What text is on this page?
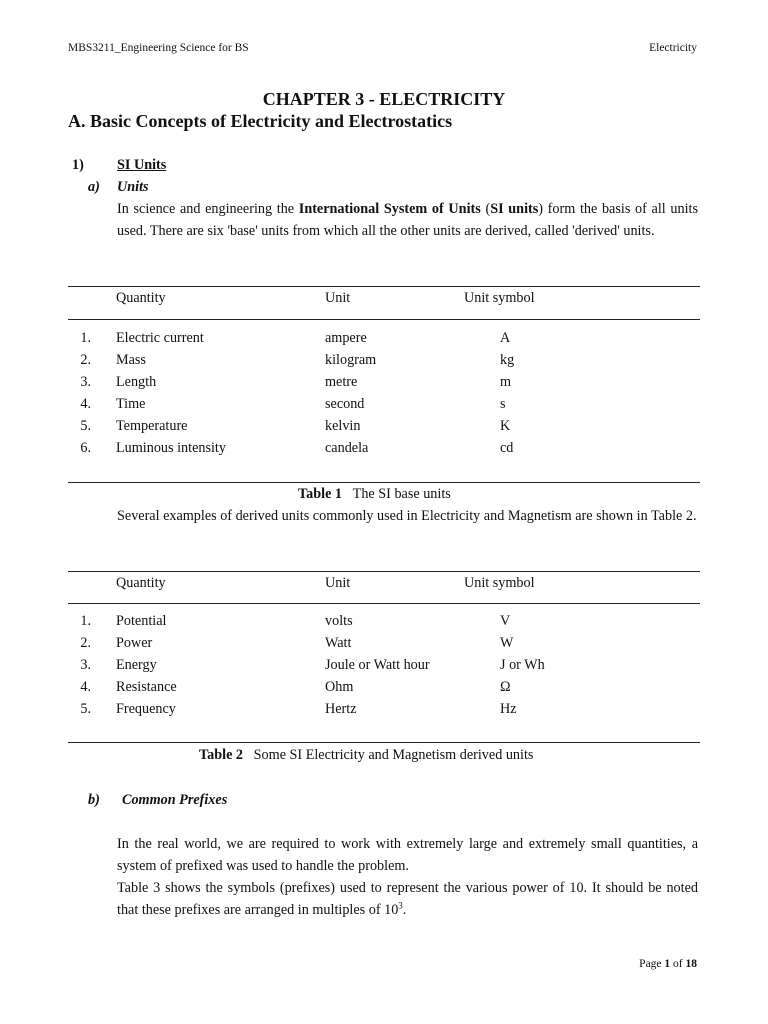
MBS3211_Engineering Science for BS	Electricity
CHAPTER 3 - ELECTRICITY
A. Basic Concepts of Electricity and Electrostatics
1) SI Units
a) Units
In science and engineering the International System of Units (SI units) form the basis of all units used. There are six 'base' units from which all the other units are derived, called 'derived' units.
Quantity	Unit	Unit symbol
1. Electric current	ampere	A
2. Mass	kilogram	kg
3. Length	metre	m
4. Time	second	s
5. Temperature	kelvin	K
6. Luminous intensity	candela	cd
Table 1 The SI base units
Several examples of derived units commonly used in Electricity and Magnetism are shown in Table 2.
Quantity	Unit	Unit symbol
1. Potential	volts	V
2. Power	Watt	W
3. Energy	Joule or Watt hour	J or Wh
4. Resistance	Ohm	Ω
5. Frequency	Hertz	Hz
Table 2 Some SI Electricity and Magnetism derived units
b) Common Prefixes
In the real world, we are required to work with extremely large and extremely small quantities, a system of prefixed was used to handle the problem.
Table 3 shows the symbols (prefixes) used to represent the various power of 10. It should be noted that these prefixes are arranged in multiples of $10^3$.
Page 1 of 18
